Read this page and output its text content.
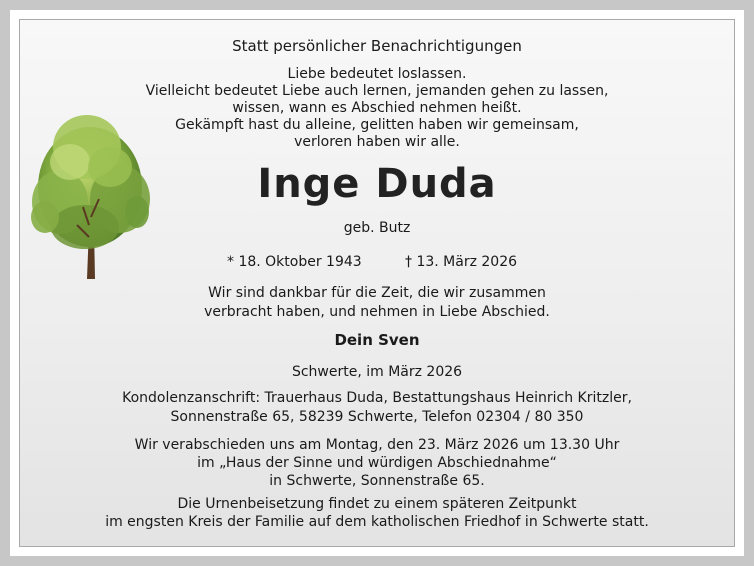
Statt persönlicher Benachrichtigungen
Liebe bedeutet loslassen.
Vielleicht bedeutet Liebe auch lernen, jemanden gehen zu lassen,
wissen, wann es Abschied nehmen heißt.
Gekämpft hast du alleine, gelitten haben wir gemeinsam,
verloren haben wir alle.
Inge Duda
geb. Butz
* 18. Oktober 1943	† 13. März 2026
Wir sind dankbar für die Zeit, die wir zusammen
verbracht haben, und nehmen in Liebe Abschied.
Dein Sven
Schwerte, im März 2026
Kondolenzanschrift: Trauerhaus Duda, Bestattungshaus Heinrich Kritzler,
Sonnenstraße 65, 58239 Schwerte, Telefon 02304 / 80 350
Wir verabschieden uns am Montag, den 23. März 2026 um 13.30 Uhr
im „Haus der Sinne und würdigen Abschiednahme“
in Schwerte, Sonnenstraße 65.
Die Urnenbeisetzung findet zu einem späteren Zeitpunkt
im engsten Kreis der Familie auf dem katholischen Friedhof in Schwerte statt.
